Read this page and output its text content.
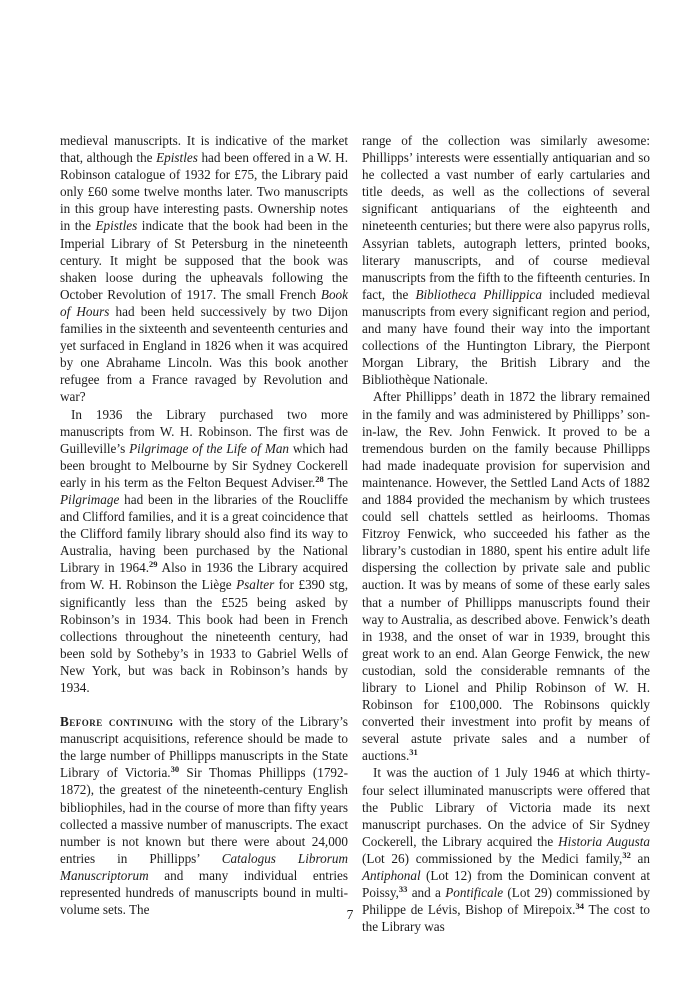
medieval manuscripts. It is indicative of the market that, although the Epistles had been offered in a W. H. Robinson catalogue of 1932 for £75, the Library paid only £60 some twelve months later. Two manuscripts in this group have interesting pasts. Ownership notes in the Epistles indicate that the book had been in the Imperial Library of St Petersburg in the nineteenth century. It might be supposed that the book was shaken loose during the upheavals following the October Revolution of 1917. The small French Book of Hours had been held successively by two Dijon families in the sixteenth and seventeenth centuries and yet surfaced in England in 1826 when it was acquired by one Abrahame Lincoln. Was this book another refugee from a France ravaged by Revolution and war?

In 1936 the Library purchased two more manuscripts from W. H. Robinson. The first was de Guilleville’s Pilgrimage of the Life of Man which had been brought to Melbourne by Sir Sydney Cockerell early in his term as the Felton Bequest Adviser.$^{28}$ The Pilgrimage had been in the libraries of the Roucliffe and Clifford families, and it is a great coincidence that the Clifford family library should also find its way to Australia, having been purchased by the National Library in 1964.29 Also in 1936 the Library acquired from W. H. Robinson the Liège Psalter for £390 stg, significantly less than the £525 being asked by Robinson’s in 1934. This book had been in French collections throughout the nineteenth century, had been sold by Sotheby’s in 1933 to Gabriel Wells of New York, but was back in Robinson’s hands by 1934.

Before continuing with the story of the Library’s manuscript acquisitions, reference should be made to the large number of Phillipps manuscripts in the State Library of Victoria.$^{30}$ Sir Thomas Phillipps (1792-1872), the greatest of the nineteenth-century English bibliophiles, had in the course of more than fifty years collected a massive number of manuscripts. The exact number is not known but there were about 24,000 entries in Phillipps’ Catalogus Librorum Manuscriptorum and many individual entries represented hundreds of manuscripts bound in multi-volume sets. The

range of the collection was similarly awesome: Phillipps’ interests were essentially antiquarian and so he collected a vast number of early cartularies and title deeds, as well as the collections of several significant antiquarians of the eighteenth and nineteenth centuries; but there were also papyrus rolls, Assyrian tablets, autograph letters, printed books, literary manuscripts, and of course medieval manuscripts from the fifth to the fifteenth centuries. In fact, the Bibliotheca Phillippica included medieval manuscripts from every significant region and period, and many have found their way into the important collections of the Huntington Library, the Pierpont Morgan Library, the British Library and the Bibliothèque Nationale.

After Phillipps’ death in 1872 the library remained in the family and was administered by Phillipps’ son-in-law, the Rev. John Fenwick. It proved to be a tremendous burden on the family because Phillipps had made inadequate provision for supervision and maintenance. However, the Settled Land Acts of 1882 and 1884 provided the mechanism by which trustees could sell chattels settled as heirlooms. Thomas Fitzroy Fenwick, who succeeded his father as the library’s custodian in 1880, spent his entire adult life dispersing the collection by private sale and public auction. It was by means of some of these early sales that a number of Phillipps manuscripts found their way to Australia, as described above. Fenwick’s death in 1938, and the onset of war in 1939, brought this great work to an end. Alan George Fenwick, the new custodian, sold the considerable remnants of the library to Lionel and Philip Robinson of W. H. Robinson for £100,000. The Robinsons quickly converted their investment into profit by means of several astute private sales and a number of auctions.$^{31}$

It was the auction of 1 July 1946 at which thirty-four select illuminated manuscripts were offered that the Public Library of Victoria made its next manuscript purchases. On the advice of Sir Sydney Cockerell, the Library acquired the Historia Augusta (Lot 26) commissioned by the Medici family,$^{32}$ an Antiphonal (Lot 12) from the Dominican convent at Poissy,$^{33}$ and a Pontificale (Lot 29) commissioned by Philippe de Lévis, Bishop of Mirepoix.$^{34}$ The cost to the Library was

7
